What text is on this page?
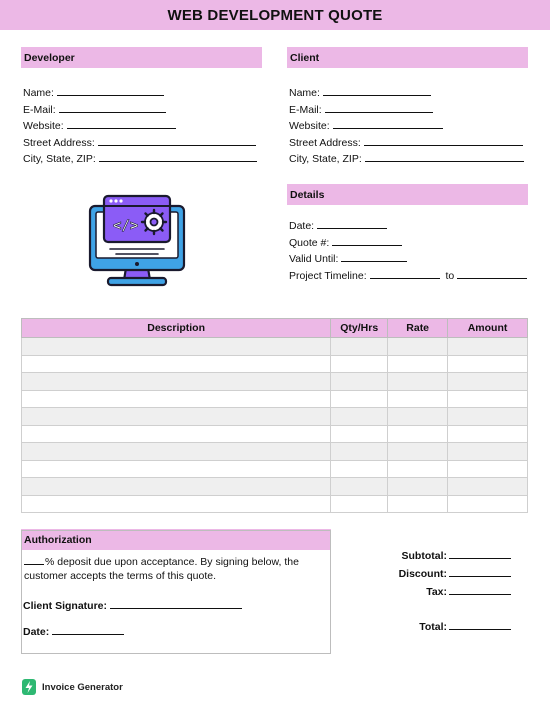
WEB DEVELOPMENT QUOTE
Developer
Name:
E-Mail:
Website:
Street Address:
City, State, ZIP:
Client
Name:
E-Mail:
Website:
Street Address:
City, State, ZIP:
Details
Date:
Quote #:
Valid Until:
Project Timeline:	to
</>
Description	Qty/Hrs	Rate	Amount

Authorization
% deposit due upon acceptance. By signing below, the customer accepts the terms of this quote.
Client Signature:
Date:
Subtotal:
Discount:
Tax:
Total:
Invoice Generator
